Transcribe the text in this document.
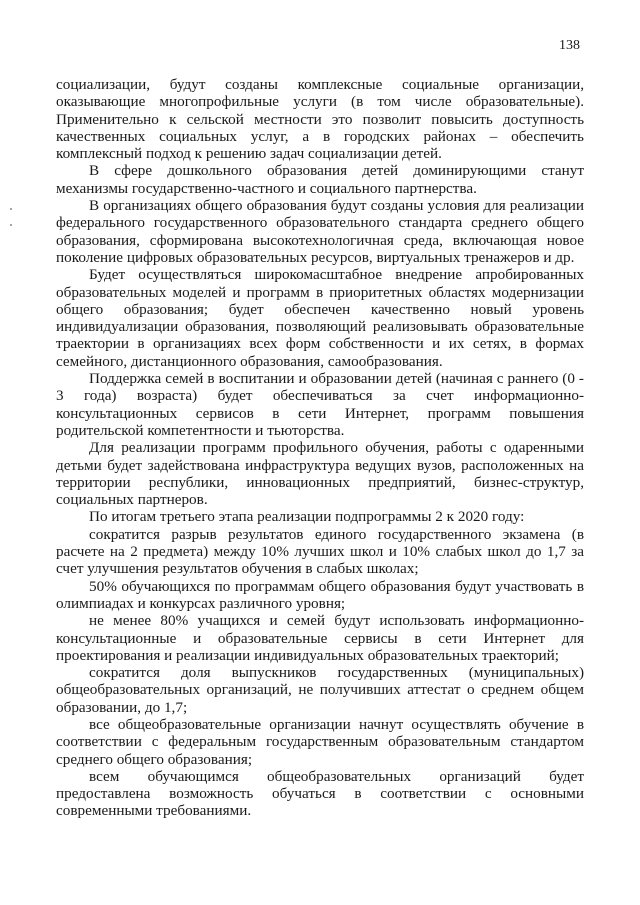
138

социализации, будут созданы комплексные социальные организации, оказывающие многопрофильные услуги (в том числе образовательные). Применительно к сельской местности это позволит повысить доступность качественных социальных услуг, а в городских районах – обеспечить комплексный подход к решению задач социализации детей.

В сфере дошкольного образования детей доминирующими станут механизмы государственно-частного и социального партнерства.

В организациях общего образования будут созданы условия для реализации федерального государственного образовательного стандарта среднего общего образования, сформирована высокотехнологичная среда, включающая новое поколение цифровых образовательных ресурсов, виртуальных тренажеров и др.

Будет осуществляться широкомасштабное внедрение апробированных образовательных моделей и программ в приоритетных областях модернизации общего образования; будет обеспечен качественно новый уровень индивидуализации образования, позволяющий реализовывать образовательные траектории в организациях всех форм собственности и их сетях, в формах семейного, дистанционного образования, самообразования.

Поддержка семей в воспитании и образовании детей (начиная с раннего (0 - 3 года) возраста) будет обеспечиваться за счет информационно-консультационных сервисов в сети Интернет, программ повышения родительской компетентности и тьюторства.

Для реализации программ профильного обучения, работы с одаренными детьми будет задействована инфраструктура ведущих вузов, расположенных на территории республики, инновационных предприятий, бизнес-структур, социальных партнеров.

По итогам третьего этапа реализации подпрограммы 2 к 2020 году:

сократится разрыв результатов единого государственного экзамена (в расчете на 2 предмета) между 10% лучших школ и 10% слабых школ до 1,7 за счет улучшения результатов обучения в слабых школах;

50% обучающихся по программам общего образования будут участвовать в олимпиадах и конкурсах различного уровня;

не менее 80% учащихся и семей будут использовать информационно-консультационные и образовательные сервисы в сети Интернет для проектирования и реализации индивидуальных образовательных траекторий;

сократится доля выпускников государственных (муниципальных) общеобразовательных организаций, не получивших аттестат о среднем общем образовании, до 1,7;

все общеобразовательные организации начнут осуществлять обучение в соответствии с федеральным государственным образовательным стандартом среднего общего образования;

всем обучающимся общеобразовательных организаций будет предоставлена возможность обучаться в соответствии с основными современными требованиями.
